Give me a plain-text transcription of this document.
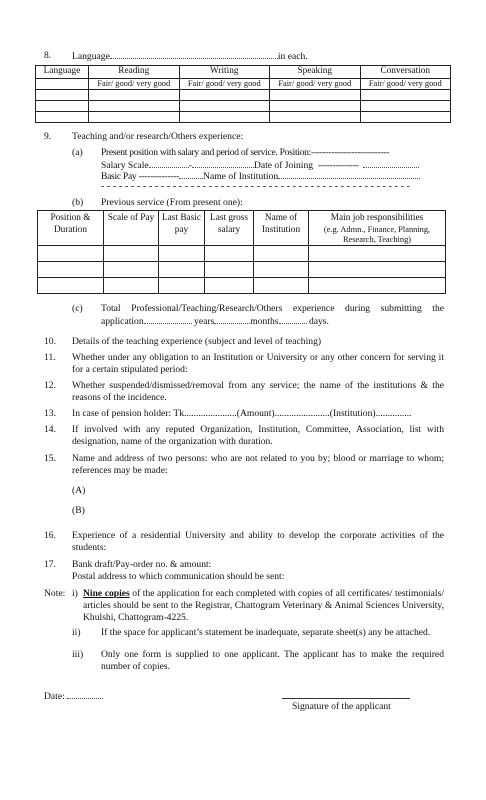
8. Language	in each.
Language	Reading	Writing	Speaking	Conversation
	Fair/ good/ very good	Fair/ good/ very good	Fair/ good/ very good	Fair/ good/ very good

9. Teaching and/or research/Others experience:
(a) Present position with salary and period of service. Position:---------------------------
Salary Scale	-	Date of Joining --------------
Basic Pay --------------	Name of Institution
- - - - - - - - - - - - - - - - - - - - - - - - - - - - - - - - - - - - - - - - - - - - - - - - - - - -
(b) Previous service (From present one):
Position & Duration	Scale of Pay	Last Basic pay	Last gross salary	Name of Institution	Main job responsibilities
(e.g. Admn., Finance, Planning, Research, Teaching)

(c) Total Professional/Teaching/Research/Others experience during submitting the
application	years	months	days.
10. Details of the teaching experience (subject and level of teaching)
11. Whether under any obligation to an Institution or University or any other concern for serving it for a certain stipulated period:
12. Whether suspended/dismissed/removal from any service; the name of the institutions & the reasons of the incidence.
13. In case of pension holder: Tk......................(Amount).......................(Institution)...............
14. If involved with any reputed Organization, Institution, Committee, Association, list with designation, name of the organization with duration.
15. Name and address of two persons: who are not related to you by; blood or marriage to whom; references may be made:
(A)
(B)
16. Experience of a residential University and ability to develop the corporate activities of the students:
17. Bank draft/Pay-order no. & amount:
Postal address to which communication should be sent:
Note: i) Nine copies of the application for each completed with copies of all certificates/ testimonials/ articles should be sent to the Registrar, Chattogram Veterinary & Animal Sciences University, Khulshi, Chattogram-4225.
ii) If the space for applicant’s statement be inadequate, separate sheet(s) any be attached.
iii) Only one form is supplied to one applicant. The applicant has to make the required number of copies.
Date:
Signature of the applicant
